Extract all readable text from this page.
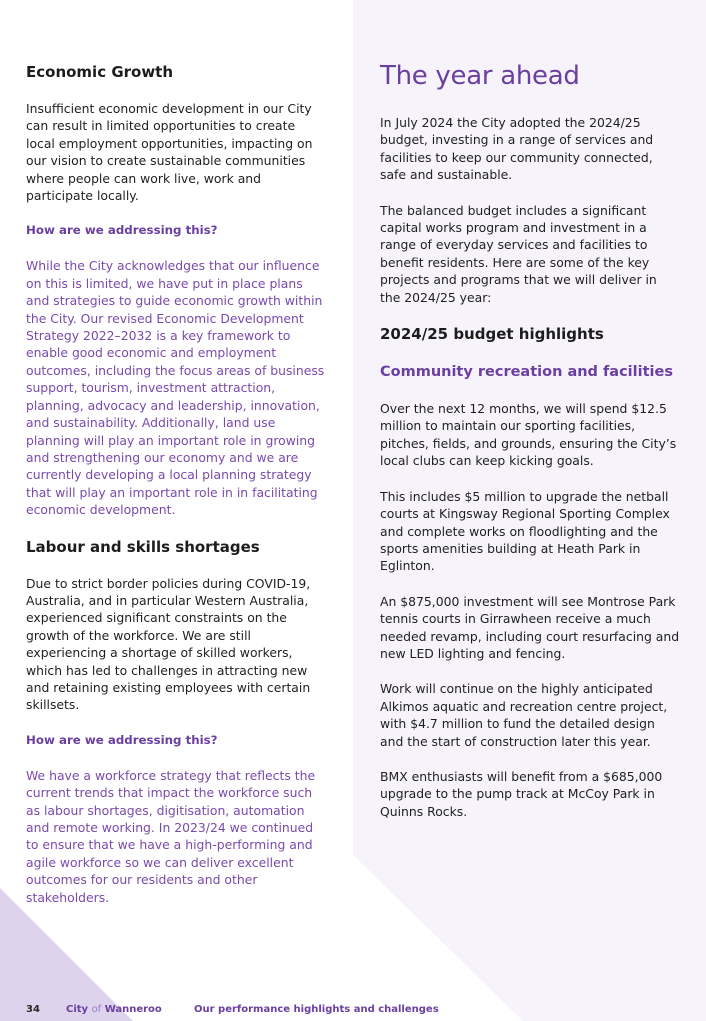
Economic Growth

Insufficient economic development in our City can result in limited opportunities to create local employment opportunities, impacting on our vision to create sustainable communities where people can work live, work and participate locally.

How are we addressing this?

While the City acknowledges that our influence on this is limited, we have put in place plans and strategies to guide economic growth within the City. Our revised Economic Development Strategy 2022–2032 is a key framework to enable good economic and employment outcomes, including the focus areas of business support, tourism, investment attraction, planning, advocacy and leadership, innovation, and sustainability. Additionally, land use planning will play an important role in growing and strengthening our economy and we are currently developing a local planning strategy that will play an important role in in facilitating economic development.

Labour and skills shortages

Due to strict border policies during COVID-19, Australia, and in particular Western Australia, experienced significant constraints on the growth of the workforce. We are still experiencing a shortage of skilled workers, which has led to challenges in attracting new and retaining existing employees with certain skillsets.

How are we addressing this?

We have a workforce strategy that reflects the current trends that impact the workforce such as labour shortages, digitisation, automation and remote working. In 2023/24 we continued to ensure that we have a high-performing and agile workforce so we can deliver excellent outcomes for our residents and other stakeholders.

The year ahead

In July 2024 the City adopted the 2024/25 budget, investing in a range of services and facilities to keep our community connected, safe and sustainable.

The balanced budget includes a significant capital works program and investment in a range of everyday services and facilities to benefit residents. Here are some of the key projects and programs that we will deliver in the 2024/25 year:

2024/25 budget highlights
Community recreation and facilities

Over the next 12 months, we will spend $12.5 million to maintain our sporting facilities, pitches, fields, and grounds, ensuring the City’s local clubs can keep kicking goals.

This includes $5 million to upgrade the netball courts at Kingsway Regional Sporting Complex and complete works on floodlighting and the sports amenities building at Heath Park in Eglinton.

An $875,000 investment will see Montrose Park tennis courts in Girrawheen receive a much needed revamp, including court resurfacing and new LED lighting and fencing.

Work will continue on the highly anticipated Alkimos aquatic and recreation centre project, with $4.7 million to fund the detailed design and the start of construction later this year.

BMX enthusiasts will benefit from a $685,000 upgrade to the pump track at McCoy Park in Quinns Rocks.

34	City of Wanneroo	Our performance highlights and challenges
